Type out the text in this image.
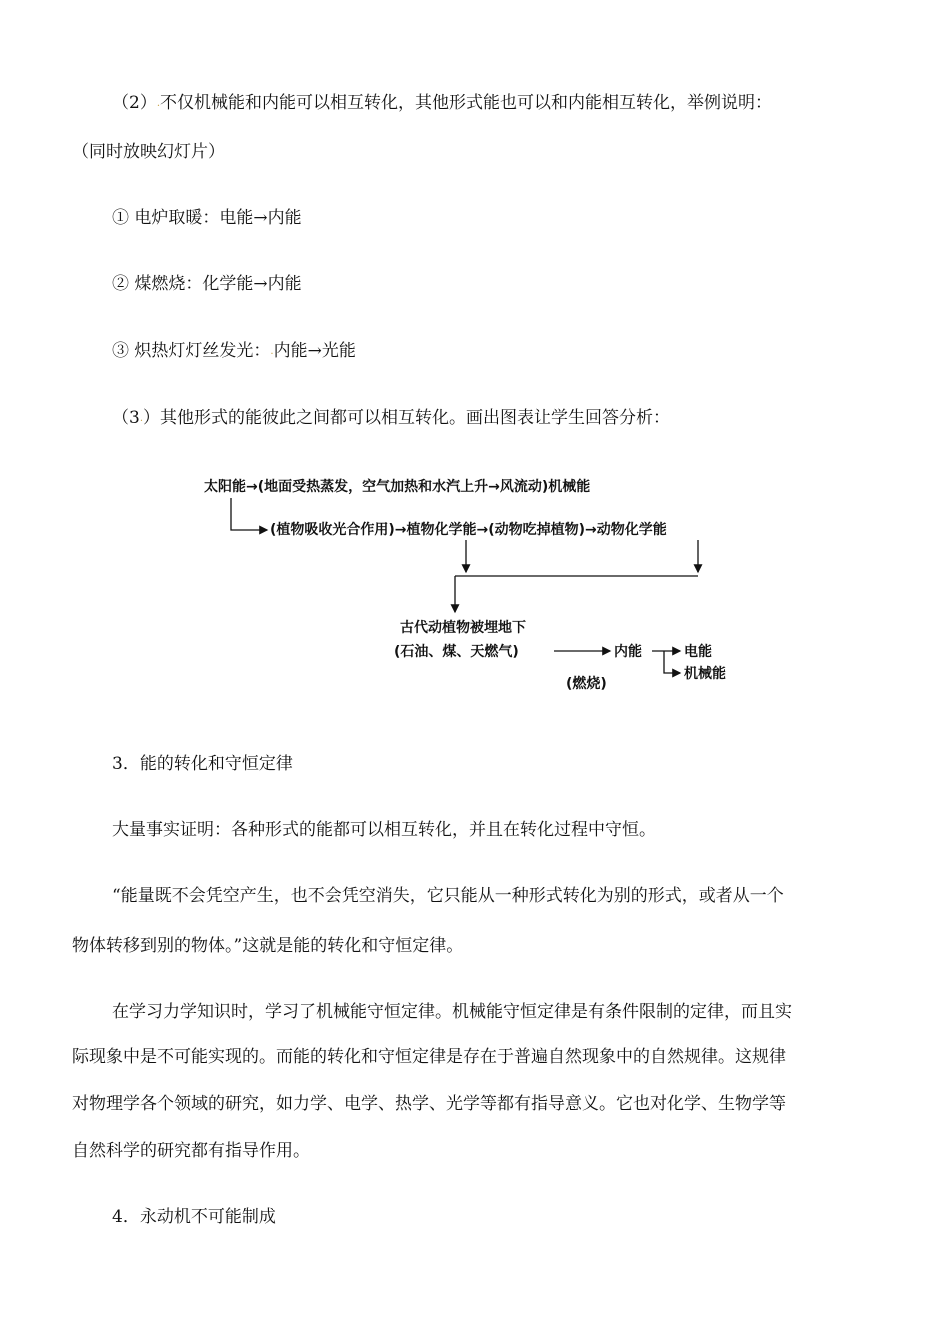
（2）.不仅机械能和内能可以相互转化，其他形式能也可以和内能相互转化，举例说明：
（同时放映幻灯片）
① 电炉取暖：电能→内能
② 煤燃烧：化学能→内能
③ 炽热灯灯丝发光：.内能→光能
（3.）其他形式的能彼此之间都可以相互转化。画出图表让学生回答分析：
太阳能→(地面受热蒸发，空气加热和水汽上升→风流动)机械能
(植物吸收光合作用)→植物化学能→(动物吃掉植物)→动物化学能
古代动植物被埋地下
(石油、煤、天燃气)	内能
(燃烧)
电能
机械能
3．能的转化和守恒定律
大量事实证明：各种形式的能都可以相互转化，并且在转化过程中守恒。
“能量既不会凭空产生，也不会凭空消失，它只能从一种形式转化为别的形式，或者从一个
物体转移到别的物体。”这就是能的转化和守恒定律。
在学习力学知识时，学习了机械能守恒定律。机械能守恒定律是有条件限制的定律，而且实
际现象中是不可能实现的。而能的转化和守恒定律是存在于普遍自然现象中的自然规律。这规律
对物理学各个领域的研究，如力学、电学、热学、光学等都有指导意义。它也对化学、生物学等
自然科学的研究都有指导作用。
4．永动机不可能制成
